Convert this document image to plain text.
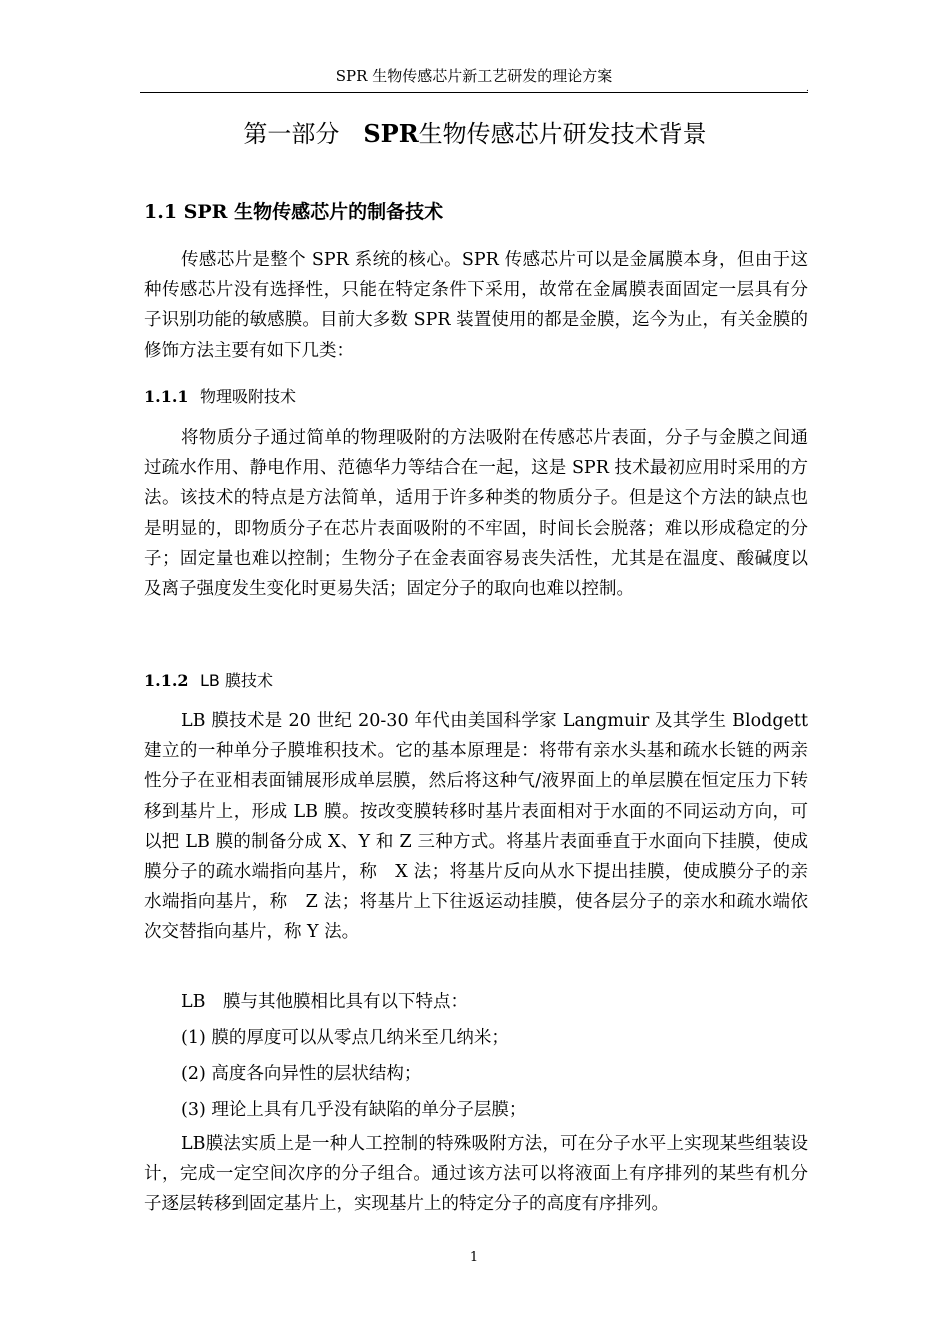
SPR 生物传感芯片新工艺研发的理论方案
.
第一部分　 SPR生物传感芯片研发技术背景
1.1 SPR 生物传感芯片的制备技术

传感芯片是整个 SPR 系统的核心。SPR 传感芯片可以是金属膜本身，但由于这种传感芯片没有选择性，只能在特定条件下采用，故常在金属膜表面固定一层具有分子识别功能的敏感膜。目前大多数 SPR 装置使用的都是金膜，迄今为止，有关金膜的修饰方法主要有如下几类：

1.1.1 物理吸附技术

将物质分子通过简单的物理吸附的方法吸附在传感芯片表面，分子与金膜之间通过疏水作用、静电作用、范德华力等结合在一起，这是 SPR 技术最初应用时采用的方法。该技术的特点是方法简单，适用于许多种类的物质分子。但是这个方法的缺点也是明显的，即物质分子在芯片表面吸附的不牢固，时间长会脱落；难以形成稳定的分子；固定量也难以控制；生物分子在金表面容易丧失活性，尤其是在温度、酸碱度以及离子强度发生变化时更易失活；固定分子的取向也难以控制。

1.1.2 LB 膜技术

LB 膜技术是 20 世纪 20-30 年代由美国科学家 Langmuir 及其学生 Blodgett 建立的一种单分子膜堆积技术。它的基本原理是：将带有亲水头基和疏水长链的两亲性分子在亚相表面铺展形成单层膜，然后将这种气/液界面上的单层膜在恒定压力下转移到基片上，形成 LB 膜。按改变膜转移时基片表面相对于水面的不同运动方向，可以把 LB 膜的制备分成 X、Y 和 Z 三种方式。将基片表面垂直于水面向下挂膜，使成膜分子的疏水端指向基片，称　X 法；将基片反向从水下提出挂膜，使成膜分子的亲水端指向基片，称　Z 法；将基片上下往返运动挂膜，使各层分子的亲水和疏水端依次交替指向基片，称 Y 法。

LB　膜与其他膜相比具有以下特点：

(1) 膜的厚度可以从零点几纳米至几纳米；

(2) 高度各向异性的层状结构；

(3) 理论上具有几乎没有缺陷的单分子层膜；

LB膜法实质上是一种人工控制的特殊吸附方法，可在分子水平上实现某些组装设计，完成一定空间次序的分子组合。通过该方法可以将液面上有序排列的某些有机分子逐层转移到固定基片上，实现基片上的特定分子的高度有序排列。

1
